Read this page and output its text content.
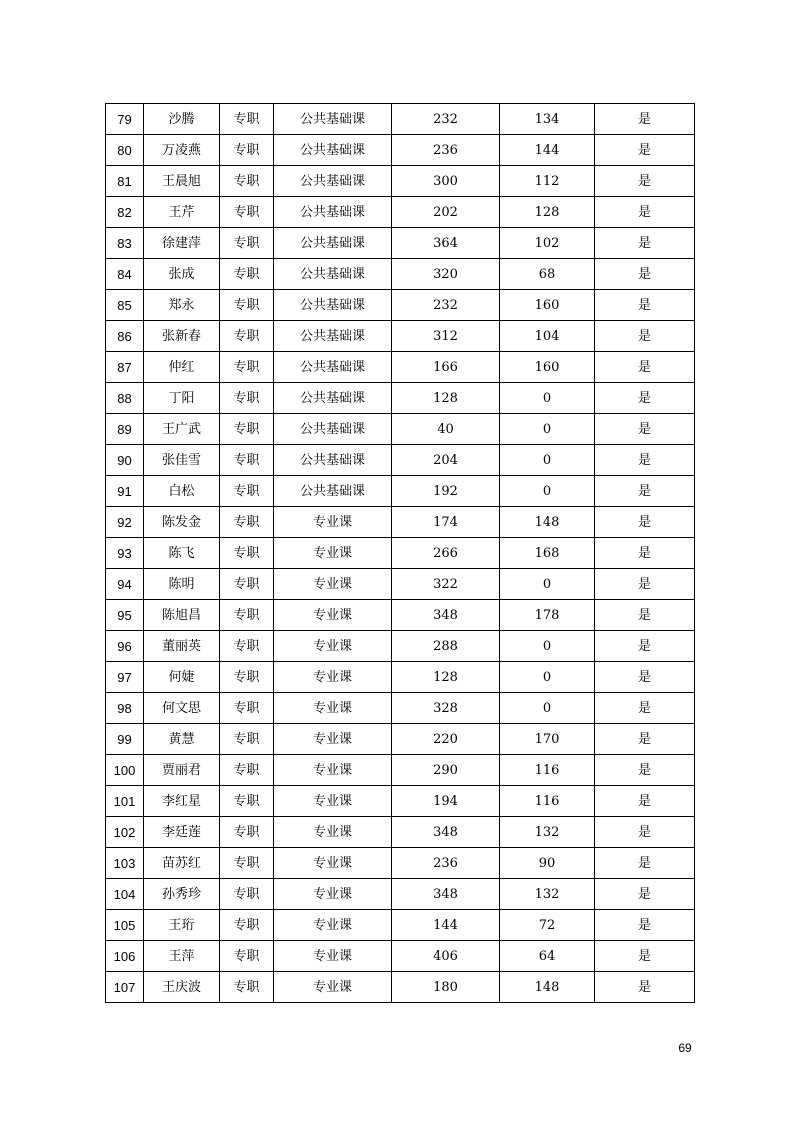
79	沙腾	专职	公共基础课	232	134	是
80	万凌燕	专职	公共基础课	236	144	是
81	王晨旭	专职	公共基础课	300	112	是
82	王芹	专职	公共基础课	202	128	是
83	徐建萍	专职	公共基础课	364	102	是
84	张成	专职	公共基础课	320	68	是
85	郑永	专职	公共基础课	232	160	是
86	张新春	专职	公共基础课	312	104	是
87	仲红	专职	公共基础课	166	160	是
88	丁阳	专职	公共基础课	128	0	是
89	王广武	专职	公共基础课	40	0	是
90	张佳雪	专职	公共基础课	204	0	是
91	白松	专职	公共基础课	192	0	是
92	陈发金	专职	专业课	174	148	是
93	陈飞	专职	专业课	266	168	是
94	陈明	专职	专业课	322	0	是
95	陈旭昌	专职	专业课	348	178	是
96	董丽英	专职	专业课	288	0	是
97	何婕	专职	专业课	128	0	是
98	何文思	专职	专业课	328	0	是
99	黄慧	专职	专业课	220	170	是
100	贾丽君	专职	专业课	290	116	是
101	李红星	专职	专业课	194	116	是
102	李廷莲	专职	专业课	348	132	是
103	苗苏红	专职	专业课	236	90	是
104	孙秀珍	专职	专业课	348	132	是
105	王珩	专职	专业课	144	72	是
106	王萍	专职	专业课	406	64	是
107	王庆波	专职	专业课	180	148	是
69
